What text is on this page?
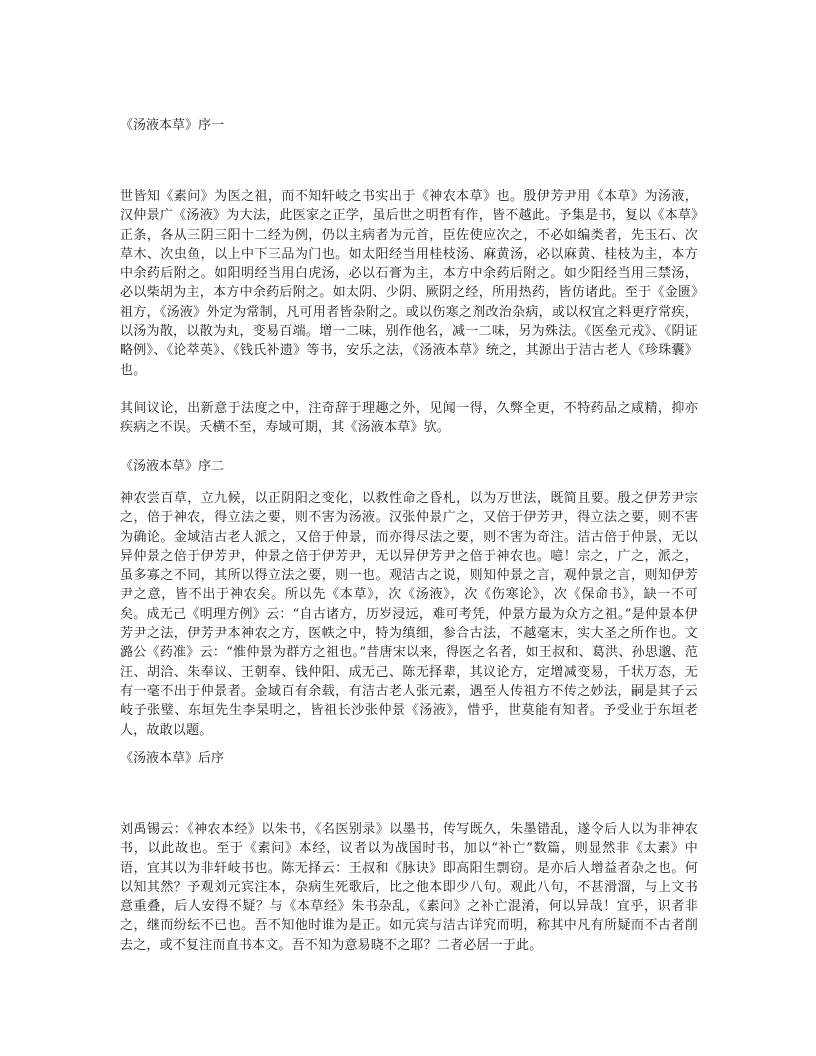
《汤液本草》序一
世皆知《素问》为医之祖，而不知轩岐之书实出于《神农本草》也。殷伊芳尹用《本草》为汤液，汉仲景广《汤液》为大法，此医家之正学，虽后世之明哲有作，皆不越此。予集是书，复以《本草》正条，各从三阴三阳十二经为例，仍以主病者为元首，臣佐使应次之，不必如编类者，先玉石、次草木、次虫鱼，以上中下三品为门也。如太阳经当用桂枝汤、麻黄汤，必以麻黄、桂枝为主，本方中余药后附之。如阳明经当用白虎汤，必以石膏为主，本方中余药后附之。如少阳经当用三禁汤，必以柴胡为主，本方中余药后附之。如太阴、少阴、厥阴之经，所用热药，皆仿诸此。至于《金匮》祖方，《汤液》外定为常制，凡可用者皆杂附之。或以伤寒之剂改治杂病，或以权宜之料更疗常疾，以汤为散，以散为丸，变易百端。增一二味，别作他名，减一二味，另为殊法。《医垒元戎》、《阴证略例》、《论萃英》、《钱氏补遗》等书，安乐之法，《汤液本草》统之，其源出于洁古老人《珍珠囊》也。
其间议论，出新意于法度之中，注奇辞于理趣之外，见闻一得，久弊全更，不特药品之咸精，抑亦疾病之不误。夭横不至，寿域可期，其《汤液本草》欤。
《汤液本草》序二
神农尝百草，立九候，以正阴阳之变化，以救性命之昏札，以为万世法，既简且要。殷之伊芳尹宗之，倍于神农，得立法之要，则不害为汤液。汉张仲景广之，又倍于伊芳尹，得立法之要，则不害为确论。金域洁古老人派之，又倍于仲景，而亦得尽法之要，则不害为奇注。洁古倍于仲景，无以异仲景之倍于伊芳尹，仲景之倍于伊芳尹，无以异伊芳尹之倍于神农也。噫！宗之，广之，派之，虽多寡之不同，其所以得立法之要，则一也。观洁古之说，则知仲景之言，观仲景之言，则知伊芳尹之意，皆不出于神农矣。所以先《本草》，次《汤液》，次《伤寒论》，次《保命书》，缺一不可矣。成无己《明理方例》云：“自古诸方，历岁浸远，难可考凭，仲景方最为众方之祖。”是仲景本伊芳尹之法，伊芳尹本神农之方，医帙之中，特为缜细，参合古法，不越毫末，实大圣之所作也。文潞公《药准》云：“惟仲景为群方之祖也。”昔唐宋以来，得医之名者，如王叔和、葛洪、孙思邈、范汪、胡洽、朱奉议、王朝奉、钱仲阳、成无己、陈无择辈，其议论方，定增减变易，千状万态，无有一毫不出于仲景者。金域百有余载，有洁古老人张元素，遇至人传祖方不传之妙法，嗣是其子云岐子张璧、东垣先生李杲明之，皆祖长沙张仲景《汤液》，惜乎，世莫能有知者。予受业于东垣老人，故敢以题。
《汤液本草》后序
刘禹锡云：《神农本经》以朱书，《名医别录》以墨书，传写既久，朱墨错乱，遂令后人以为非神农书，以此故也。至于《素问》本经，议者以为战国时书，加以“补亡”数篇，则显然非《太素》中语，宜其以为非轩岐书也。陈无择云：王叔和《脉诀》即高阳生剽窃。是亦后人增益者杂之也。何以知其然？予观刘元宾注本，杂病生死歌后，比之他本即少八句。观此八句，不甚滑溜，与上文书意重叠，后人安得不疑？与《本草经》朱书杂乱，《素问》之补亡混淆，何以异哉！宜乎，识者非之，继而纷纭不已也。吾不知他时谁为是正。如元宾与洁古详究而明，称其中凡有所疑而不古者削去之，或不复注而直书本文。吾不知为意易晓不之耶？二者必居一于此。
